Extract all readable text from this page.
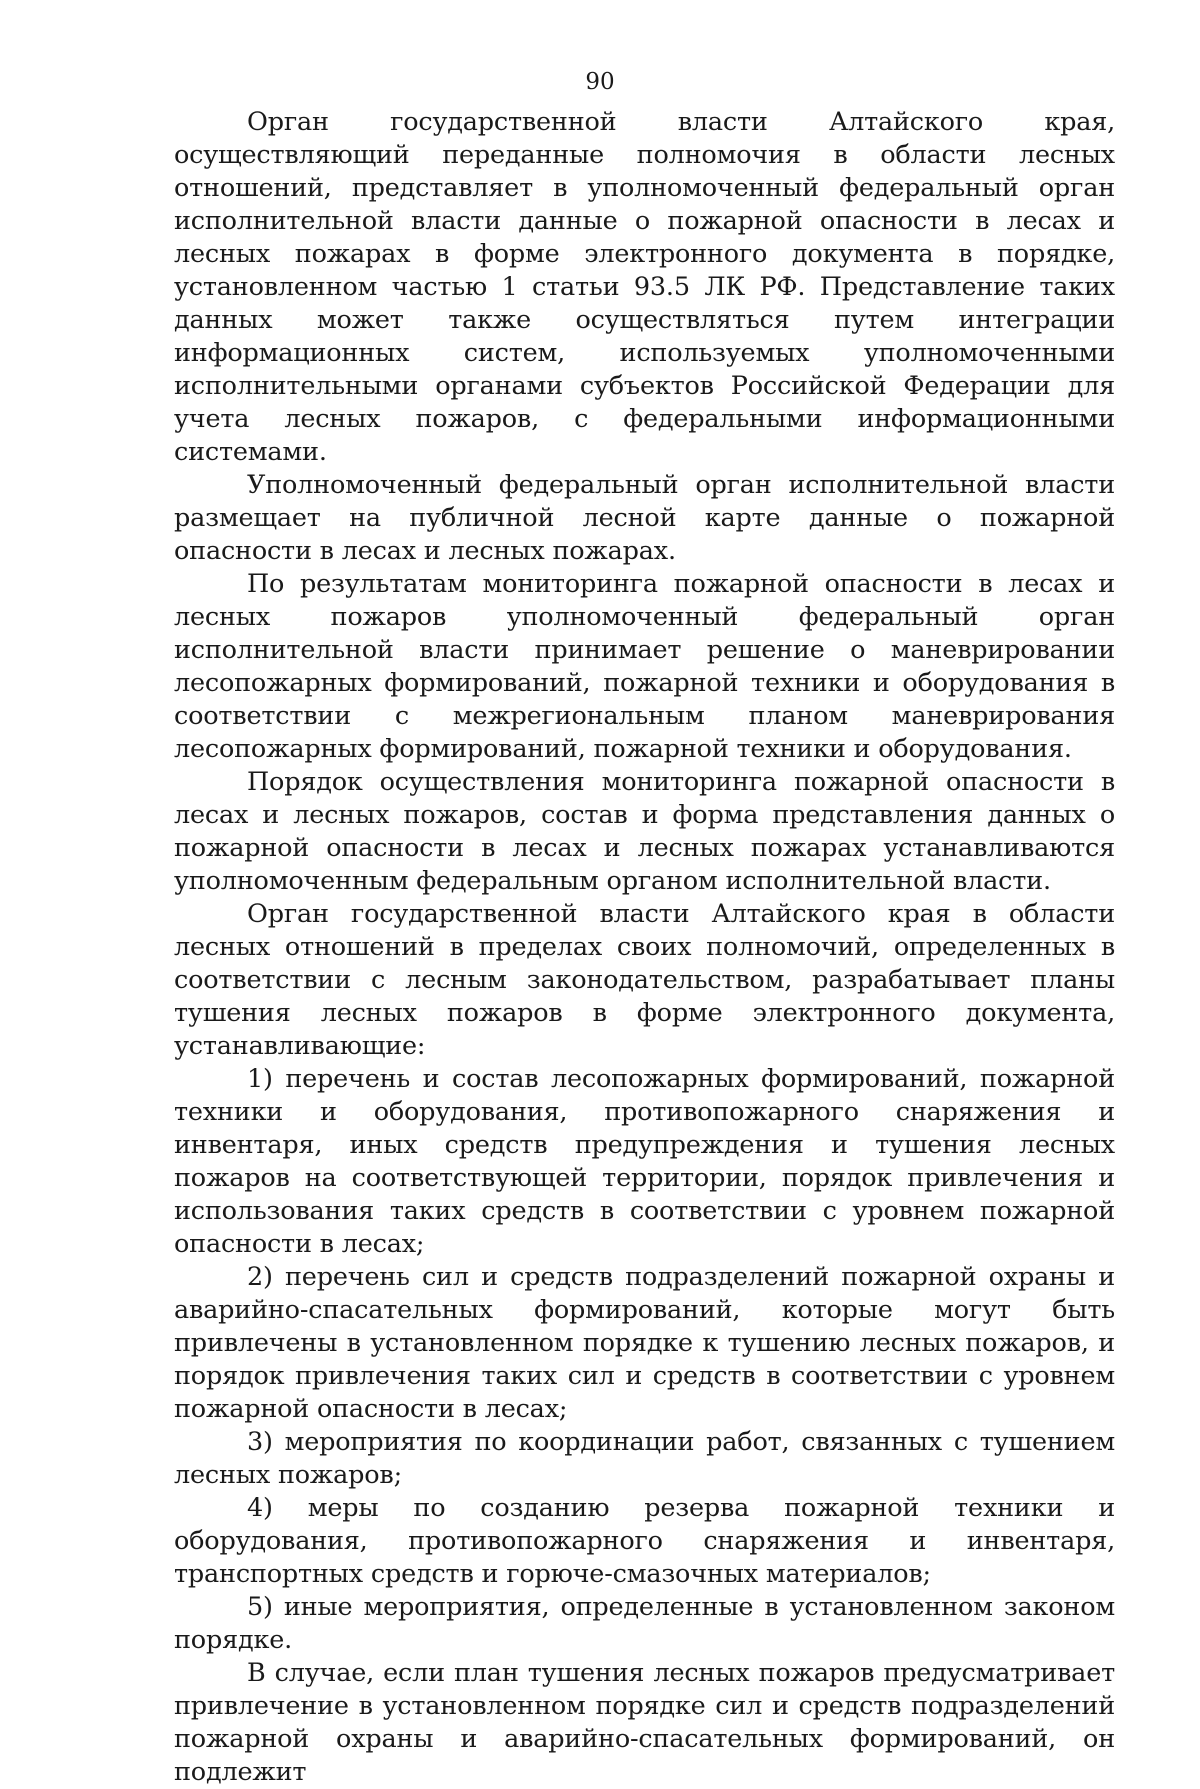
90

Орган государственной власти Алтайского края, осуществляющий переданные полномочия в области лесных отношений, представляет в уполномоченный федеральный орган исполнительной власти данные о пожарной опасности в лесах и лесных пожарах в форме электронного документа в порядке, установленном частью 1 статьи 93.5 ЛК РФ. Представление таких данных может также осуществляться путем интеграции информационных систем, используемых уполномоченными исполнительными органами субъектов Российской Федерации для учета лесных пожаров, с федеральными информационными системами.

Уполномоченный федеральный орган исполнительной власти размещает на публичной лесной карте данные о пожарной опасности в лесах и лесных пожарах.

По результатам мониторинга пожарной опасности в лесах и лесных пожаров уполномоченный федеральный орган исполнительной власти принимает решение о маневрировании лесопожарных формирований, пожарной техники и оборудования в соответствии с межрегиональным планом маневрирования лесопожарных формирований, пожарной техники и оборудования.

Порядок осуществления мониторинга пожарной опасности в лесах и лесных пожаров, состав и форма представления данных о пожарной опасности в лесах и лесных пожарах устанавливаются уполномоченным федеральным органом исполнительной власти.

Орган государственной власти Алтайского края в области лесных отношений в пределах своих полномочий, определенных в соответствии с лесным законодательством, разрабатывает планы тушения лесных пожаров в форме электронного документа, устанавливающие:

1) перечень и состав лесопожарных формирований, пожарной техники и оборудования, противопожарного снаряжения и инвентаря, иных средств предупреждения и тушения лесных пожаров на соответствующей территории, порядок привлечения и использования таких средств в соответствии с уровнем пожарной опасности в лесах;

2) перечень сил и средств подразделений пожарной охраны и аварийно-спасательных формирований, которые могут быть привлечены в установленном порядке к тушению лесных пожаров, и порядок привлечения таких сил и средств в соответствии с уровнем пожарной опасности в лесах;

3) мероприятия по координации работ, связанных с тушением лесных пожаров;

4) меры по созданию резерва пожарной техники и оборудования, противопожарного снаряжения и инвентаря, транспортных средств и горюче-смазочных материалов;

5) иные мероприятия, определенные в установленном законом порядке.

В случае, если план тушения лесных пожаров предусматривает привлечение в установленном порядке сил и средств подразделений пожарной охраны и аварийно-спасательных формирований, он подлежит
